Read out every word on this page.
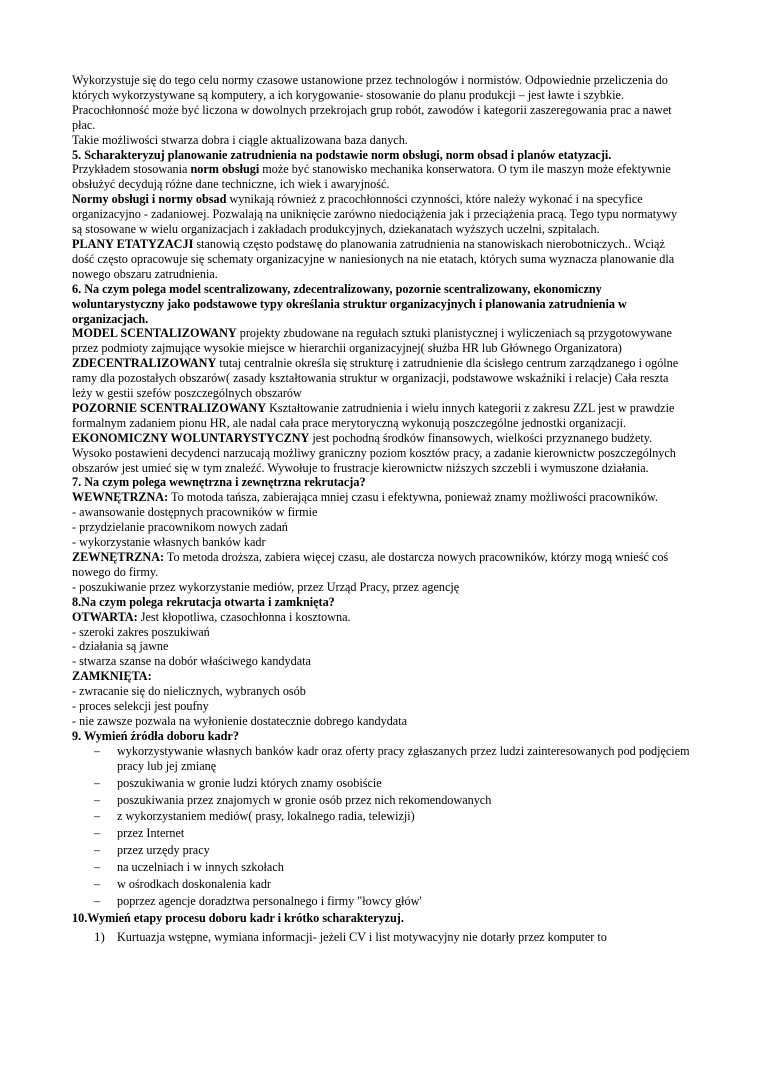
Wykorzystuje się do tego celu normy czasowe ustanowione przez technologów i normistów. Odpowiednie przeliczenia do których wykorzystywane są komputery, a ich korygowanie- stosowanie do planu produkcji – jest ławte i szybkie. Pracochłonność może być liczona w dowolnych przekrojach grup robót, zawodów i kategorii zaszeregowania prac a nawet płac.

Takie możliwości stwarza dobra i ciągle aktualizowana baza danych.

5. Scharakteryzuj planowanie zatrudnienia na podstawie norm obsługi, norm obsad i planów etatyzacji.

Przykładem stosowania norm obsługi może być stanowisko mechanika konserwatora. O tym ile maszyn może efektywnie obsłużyć decydują różne dane techniczne, ich wiek i awaryjność.

Normy obsługi i normy obsad wynikają również z pracochłonności czynności, które należy wykonać i na specyfice organizacyjno - zadaniowej. Pozwalają na uniknięcie zarówno niedociążenia jak i przeciążenia pracą. Tego typu normatywy są stosowane w wielu organizacjach i zakładach produkcyjnych, dziekanatach wyższych uczelni, szpitalach.

PLANY ETATYZACJI stanowią często podstawę do planowania zatrudnienia na stanowiskach nierobotniczych.. Wciąż dość często opracowuje się schematy organizacyjne w naniesionych na nie etatach, których suma wyznacza planowanie dla nowego obszaru zatrudnienia.

6. Na czym polega model scentralizowany, zdecentralizowany, pozornie scentralizowany, ekonomiczny woluntarystyczny jako podstawowe typy określania struktur organizacyjnych i planowania zatrudnienia w organizacjach.

MODEL SCENTALIZOWANY projekty zbudowane na regułach sztuki planistycznej i wyliczeniach są przygotowywane przez podmioty zajmujące wysokie miejsce w hierarchii organizacyjnej( służba HR lub Głównego Organizatora)

ZDECENTRALIZOWANY tutaj centralnie określa się strukturę i zatrudnienie dla ścisłego centrum zarządzanego i ogólne ramy dla pozostałych obszarów( zasady kształtowania struktur w organizacji, podstawowe wskaźniki i relacje) Cała reszta leży w gestii szefów poszczególnych obszarów

POZORNIE SCENTRALIZOWANY Kształtowanie zatrudnienia i wielu innych kategorii z zakresu ZZL jest w prawdzie formalnym zadaniem pionu HR, ale nadal cała prace merytoryczną wykonują poszczególne jednostki organizacji.

EKONOMICZNY WOLUNTARYSTYCZNY jest pochodną środków finansowych, wielkości przyznanego budżety. Wysoko postawieni decydenci narzucają możliwy graniczny poziom kosztów pracy, a zadanie kierownictw poszczególnych obszarów jest umieć się w tym znaleźć. Wywołuje to frustracje kierownictw niższych szczebli i wymuszone działania.

7. Na czym polega wewnętrzna i zewnętrzna rekrutacja?

WEWNĘTRZNA: To motoda tańsza, zabierająca mniej czasu i efektywna, ponieważ znamy możliwości pracowników.

- awansowanie dostępnych pracowników w firmie

- przydzielanie pracownikom nowych zadań

- wykorzystanie własnych banków kadr

ZEWNĘTRZNA: To metoda droższa, zabiera więcej czasu, ale dostarcza nowych pracowników, którzy mogą wnieść coś nowego do firmy.

- poszukiwanie przez wykorzystanie mediów, przez Urząd Pracy, przez agencję

8.Na czym polega rekrutacja otwarta i zamknięta?

OTWARTA: Jest kłopotliwa, czasochłonna i kosztowna.

- szeroki zakres poszukiwań

- działania są jawne

- stwarza szanse na dobór właściwego kandydata

ZAMKNIĘTA:

- zwracanie się do nielicznych, wybranych osób

- proces selekcji jest poufny

- nie zawsze pozwala na wyłonienie dostatecznie dobrego kandydata

9. Wymień źródła doboru kadr?

– wykorzystywanie własnych banków kadr oraz oferty pracy zgłaszanych przez ludzi zainteresowanych pod podjęciem pracy lub jej zmianę
– poszukiwania w gronie ludzi których znamy osobiście
– poszukiwania przez znajomych w gronie osób przez nich rekomendowanych
– z wykorzystaniem mediów( prasy, lokalnego radia, telewizji)
– przez Internet
– przez urzędy pracy
– na uczelniach i w innych szkołach
– w ośrodkach doskonalenia kadr
– poprzez agencje doradztwa personalnego i firmy "łowcy głów'

10.Wymień etapy procesu doboru kadr i krótko scharakteryzuj.

1) Kurtuazja wstępne, wymiana informacji- jeżeli CV i list motywacyjny nie dotarły przez komputer to
